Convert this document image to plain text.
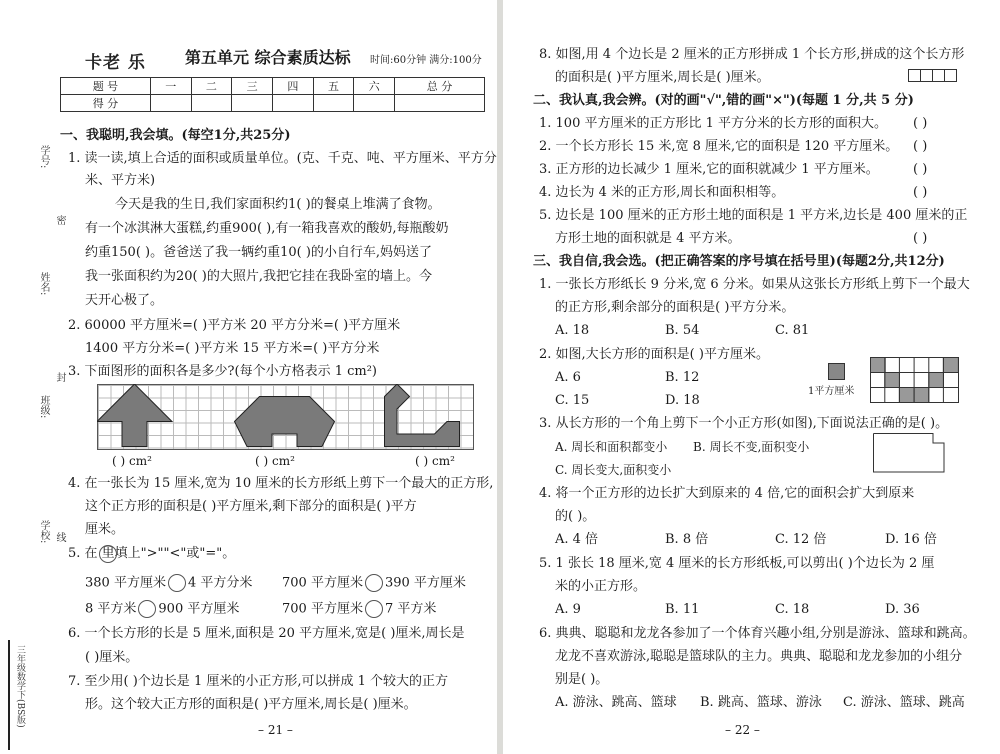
卡老 乐 第五单元 综合素质达标 时间:60分钟 满分:100分
题 号	一	二	三	四	五	六	总 分
得 分							
学号:
姓名:
班级:
学校:
密
封
线
三年级数学下(BS版)
一、我聪明,我会填。(每空1分,共25分)
1. 读一读,填上合适的面积或质量单位。(克、千克、吨、平方厘米、平方分
米、平方米)
今天是我的生日,我们家面积约1( )的餐桌上堆满了食物。
有一个冰淇淋大蛋糕,约重900( ),有一箱我喜欢的酸奶,每瓶酸奶
约重150( )。爸爸送了我一辆约重10( )的小自行车,妈妈送了
我一张面积约为20( )的大照片,我把它挂在我卧室的墙上。今
天开心极了。
2. 60000 平方厘米=( )平方米 20 平方分米=( )平方厘米
1400 平方分米=( )平方米 15 平方米=( )平方分米
3. 下面图形的面积各是多少?(每个小方格表示 1 cm²)
( ) cm²	( ) cm²	( ) cm²
4. 在一张长为 15 厘米,宽为 10 厘米的长方形纸上剪下一个最大的正方形,
这个正方形的面积是( )平方厘米,剩下部分的面积是( )平方
厘米。
5. 在 里填上">""<"或"="。
380 平方厘米 4 平方分米 700 平方厘米 390 平方厘米
8 平方米 900 平方厘米	700 平方厘米 7 平方米
6. 一个长方形的长是 5 厘米,面积是 20 平方厘米,宽是( )厘米,周长是
( )厘米。
7. 至少用( )个边长是 1 厘米的小正方形,可以拼成 1 个较大的正方
形。这个较大正方形的面积是( )平方厘米,周长是( )厘米。
– 21 –
8. 如图,用 4 个边长是 2 厘米的正方形拼成 1 个长方形,拼成的这个长方形
的面积是( )平方厘米,周长是( )厘米。
二、我认真,我会辨。(对的画"√",错的画"×")(每题 1 分,共 5 分)
1. 100 平方厘米的正方形比 1 平方分米的长方形的面积大。 ( )
2. 一个长方形长 15 米,宽 8 厘米,它的面积是 120 平方厘米。 ( )
3. 正方形的边长减少 1 厘米,它的面积就减少 1 平方厘米。	( )
4. 边长为 4 米的正方形,周长和面积相等。	( )
5. 边长是 100 厘米的正方形土地的面积是 1 平方米,边长是 400 厘米的正
方形土地的面积就是 4 平方米。	( )
三、我自信,我会选。(把正确答案的序号填在括号里)(每题2分,共12分)
1. 一张长方形纸长 9 分米,宽 6 分米。如果从这张长方形纸上剪下一个最大
的正方形,剩余部分的面积是( )平方分米。
A. 18	B. 54	C. 81
2. 如图,大长方形的面积是( )平方厘米。
A. 6	B. 12
C. 15	D. 18
1平方厘米
3. 从长方形的一个角上剪下一个小正方形(如图),下面说法正确的是( )。
A. 周长和面积都变小 B. 周长不变,面积变小
C. 周长变大,面积变小
4. 将一个正方形的边长扩大到原来的 4 倍,它的面积会扩大到原来
的( )。
A. 4 倍	B. 8 倍	C. 12 倍	D. 16 倍
5. 1 张长 18 厘米,宽 4 厘米的长方形纸板,可以剪出( )个边长为 2 厘
米的小正方形。
A. 9	B. 11	C. 18	D. 36
6. 典典、聪聪和龙龙各参加了一个体育兴趣小组,分别是游泳、篮球和跳高。
龙龙不喜欢游泳,聪聪是篮球队的主力。典典、聪聪和龙龙参加的小组分
别是( )。
A. 游泳、跳高、篮球 B. 跳高、篮球、游泳 C. 游泳、篮球、跳高
– 22 –
